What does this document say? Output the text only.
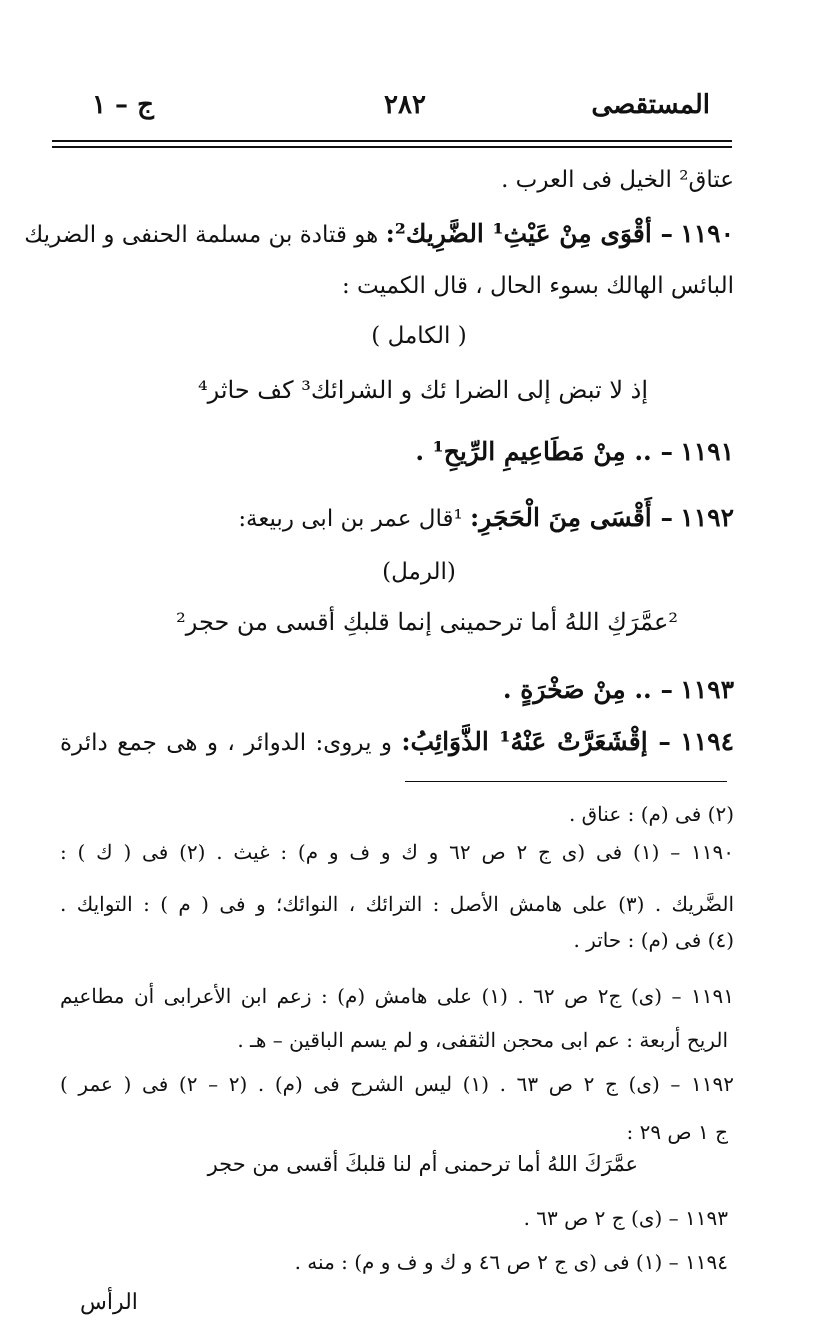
المستقصى
٢٨٢
ج – ١
عتاق² الخيل فى العرب .
١١٩٠ – أقْوَى مِنْ عَيْثِ¹ الضَّرِيك²: هو قتادة بن مسلمة الحنفى و الضريك
البائس الهالك بسوء الحال ، قال الكميت :
( الكامل )
إذ لا تبض إلى الضرا ئك و الشرائك³ كف حاثر⁴
١١٩١ – .. مِنْ مَطَاعِيمِ الرِّيحِ¹ .
١١٩٢ – أَقْسَى مِنَ الْحَجَرِ: ¹قال عمر بن ابى ربيعة:
(الرمل)
²عمَّرَكِ اللهُ أما ترحمينى إنما قلبكِ أقسى من حجر²
١١٩٣ – .. مِنْ صَخْرَةٍ .
١١٩٤ – إقْشَعَرَّتْ عَنْهُ¹ الذَّوَائِبُ: و يروى: الدوائر ، و هى جمع دائرة
(٢) فى (م) : عناق .
١١٩٠ – (١) فى (ى ج ٢ ص ٦٢ و ك و ف و م) : غيث . (٢) فى ( ك ) :
الضَّريك . (٣) على هامش الأصل : الترائك ، النوائك؛ و فى ( م ) : التوايك .
(٤) فى (م) : حاتر .
١١٩١ – (ى) ج٢ ص ٦٢ . (١) على هامش (م) : زعم ابن الأعرابى أن مطاعيم
الريح أربعة : عم ابى محجن الثقفى، و لم يسم الباقين – هـ .
١١٩٢ – (ى) ج ٢ ص ٦٣ . (١) ليس الشرح فى (م) . (٢ – ٢) فى ( عمر )
ج ١ ص ٢٩ :
عمَّرَكَ اللهُ أما ترحمنى أم لنا قلبكَ أقسى من حجر
١١٩٣ – (ى) ج ٢ ص ٦٣ .
١١٩٤ – (١) فى (ى ج ٢ ص ٤٦ و ك و ف و م) : منه .
الرأس
